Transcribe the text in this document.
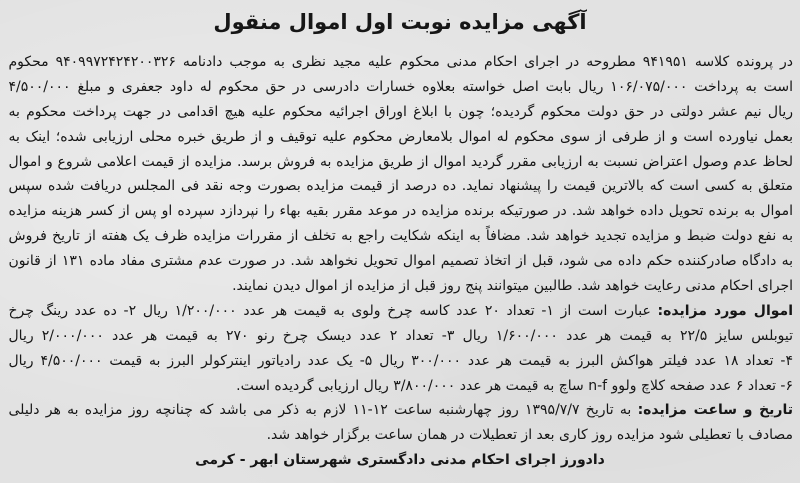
آگهی مزایده نوبت اول اموال منقول
در پرونده کلاسه ۹۴۱۹۵۱ مطروحه در اجرای احکام مدنی محکوم علیه مجید نظری به موجب دادنامه ۹۴۰۹۹۷۲۴۲۴۲۰۰۳۲۶ محکوم
است به پرداخت ۱۰۶/۰۷۵/۰۰۰ ریال بابت اصل خواسته بعلاوه خسارات دادرسی در حق محکوم له داود جعفری و مبلغ ۴/۵۰۰/۰۰۰
ریال نیم عشر دولتی در حق دولت محکوم گردیده؛ چون با ابلاغ اوراق اجرائیه محکوم علیه هیچ اقدامی در جهت پرداخت محکوم به
بعمل نیاورده است و از طرفی از سوی محکوم له اموال بلامعارض محکوم علیه توقیف و از طریق خبره محلی ارزیابی شده؛ اینک به
لحاظ عدم وصول اعتراض نسبت به ارزیابی مقرر گردید اموال از طریق مزایده به فروش برسد. مزایده از قیمت اعلامی شروع و اموال
متعلق به کسی است که بالاترین قیمت را پیشنهاد نماید. ده درصد از قیمت مزایده بصورت وجه نقد فی المجلس دریافت شده سپس
اموال به برنده تحویل داده خواهد شد. در صورتیکه برنده مزایده در موعد مقرر بقیه بهاء را نپردازد سپرده او پس از کسر هزینه مزایده
به نفع دولت ضبط و مزایده تجدید خواهد شد. مضافاً به اینکه شکایت راجع به تخلف از مقررات مزایده ظرف یک هفته از تاریخ فروش
به دادگاه صادرکننده حکم داده می شود، قبل از اتخاذ تصمیم اموال تحویل نخواهد شد. در صورت عدم مشتری مفاد ماده ۱۳۱ از قانون
اجرای احکام مدنی رعایت خواهد شد. طالبین میتوانند پنج روز قبل از مزایده از اموال دیدن نمایند.
اموال مورد مزایده: عبارت است از ۱- تعداد ۲۰ عدد کاسه چرخ ولوی به قیمت هر عدد ۱/۲۰۰/۰۰۰ ریال ۲- ده عدد رینگ چرخ
تیوبلس سایز ۲۲/۵ به قیمت هر عدد ۱/۶۰۰/۰۰۰ ریال ۳- تعداد ۲ عدد دیسک چرخ رنو ۲۷۰ به قیمت هر عدد ۲/۰۰۰/۰۰۰ ریال
۴- تعداد ۱۸ عدد فیلتر هواکش البرز به قیمت هر عدد ۳۰۰/۰۰۰ ریال ۵- یک عدد رادیاتور اینترکولر البرز به قیمت ۴/۵۰۰/۰۰۰ ریال
۶- تعداد ۶ عدد صفحه کلاچ ولوو n-f ساچ به قیمت هر عدد ۳/۸۰۰/۰۰۰ ریال ارزیابی گردیده است.
تاریخ و ساعت مزایده: به تاریخ ۱۳۹۵/۷/۷ روز چهارشنبه ساعت ۱۲-۱۱ لازم به ذکر می باشد که چنانچه روز مزایده به هر دلیلی
مصادف با تعطیلی شود مزایده روز کاری بعد از تعطیلات در همان ساعت برگزار خواهد شد.
دادورز اجرای احکام مدنی دادگستری شهرستان ابهر - کرمی
